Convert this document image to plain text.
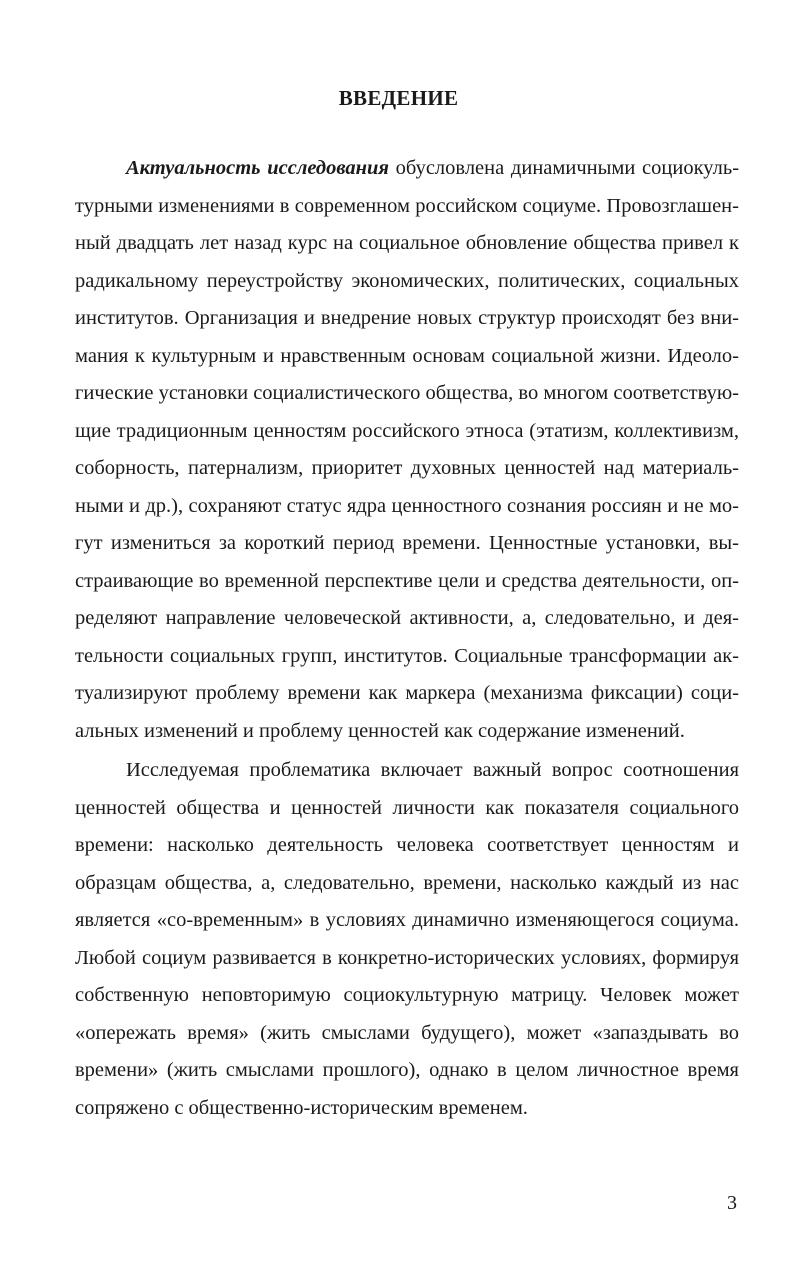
ВВЕДЕНИЕ

Актуальность исследования обусловлена динамичными социокультурными изменениями в современном российском социуме. Провозглашенный двадцать лет назад курс на социальное обновление общества привел к радикальному переустройству экономических, политических, социальных институтов. Организация и внедрение новых структур происходят без внимания к культурным и нравственным основам социальной жизни. Идеологические установки социалистического общества, во многом соответствующие традиционным ценностям российского этноса (этатизм, коллективизм, соборность, патернализм, приоритет духовных ценностей над материальными и др.), сохраняют статус ядра ценностного сознания россиян и не могут измениться за короткий период времени. Ценностные установки, выстраивающие во временной перспективе цели и средства деятельности, определяют направление человеческой активности, а, следовательно, и деятельности социальных групп, институтов. Социальные трансформации актуализируют проблему времени как маркера (механизма фиксации) социальных изменений и проблему ценностей как содержание изменений.

Исследуемая проблематика включает важный вопрос соотношения ценностей общества и ценностей личности как показателя социального времени: насколько деятельность человека соответствует ценностям и образцам общества, а, следовательно, времени, насколько каждый из нас является «со-временным» в условиях динамично изменяющегося социума. Любой социум развивается в конкретно-исторических условиях, формируя собственную неповторимую социокультурную матрицу. Человек может «опережать время» (жить смыслами будущего), может «запаздывать во времени» (жить смыслами прошлого), однако в целом личностное время сопряжено с общественно-историческим временем.

3
